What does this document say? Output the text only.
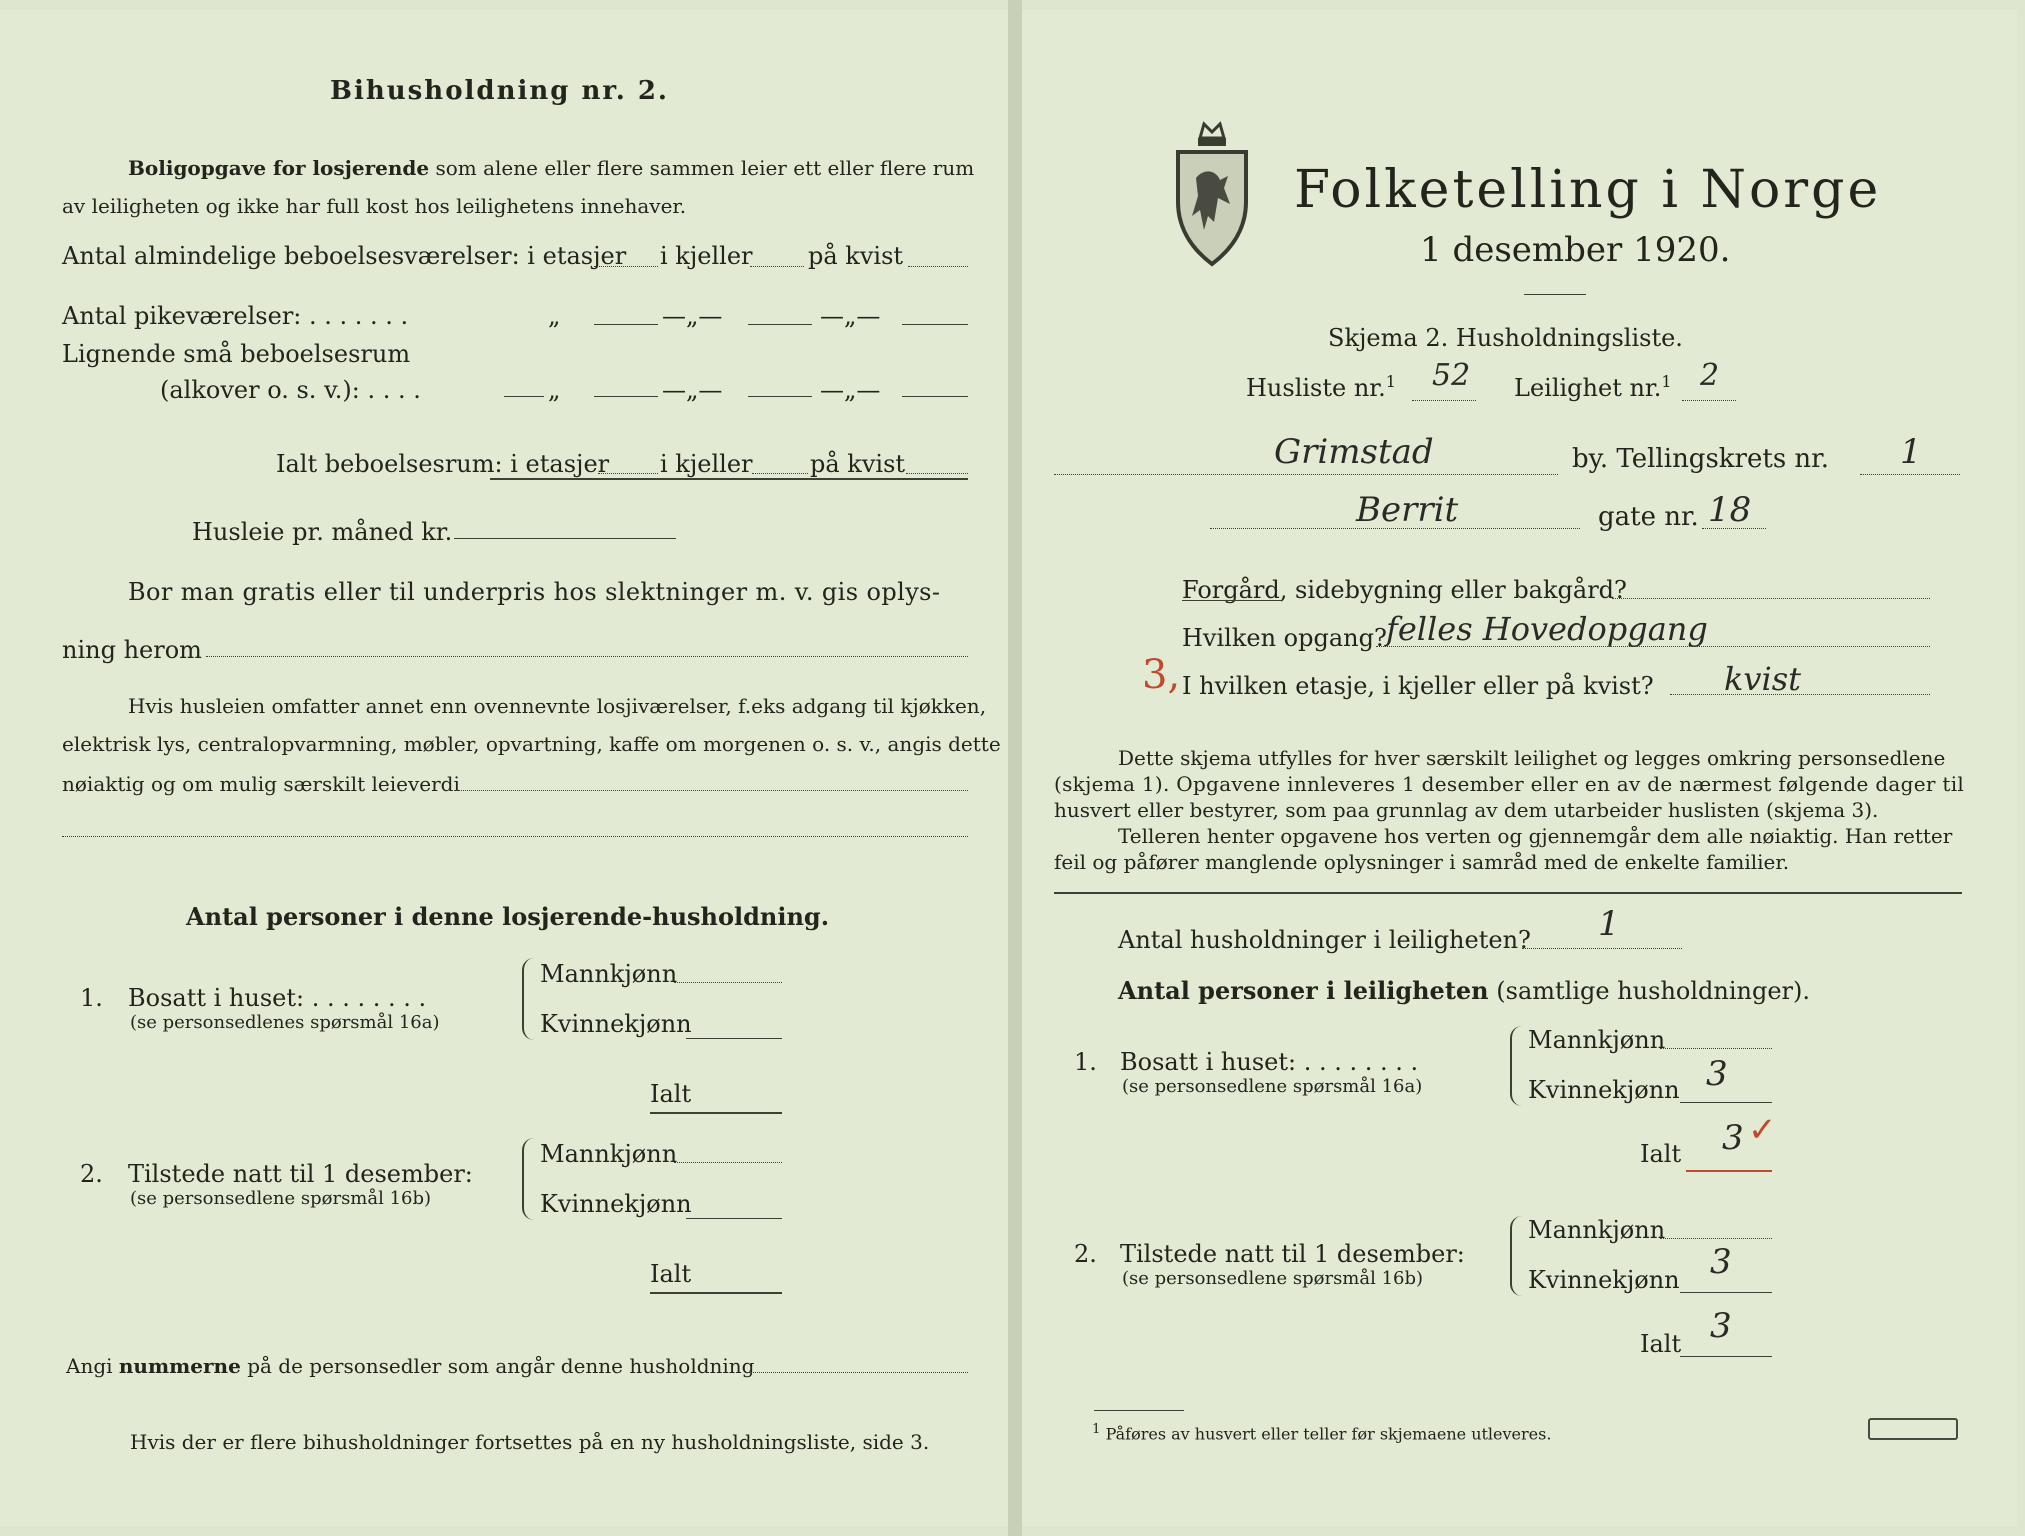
Bihusholdning nr. 2.
Boligopgave for losjerende som alene eller flere sammen leier ett eller flere rum
av leiligheten og ikke har full kost hos leilighetens innehaver.
Antal almindelige beboelsesværelser: i etasjer i kjeller på kvist
Antal pikeværelser: . . . . . . .	„	—„—	—„—
Lignende små beboelsesrum
(alkover o. s. v.): . . . .	„	—„—	—„—
Ialt beboelsesrum: i etasjer i kjeller på kvist
Husleie pr. måned kr.
Bor man gratis eller til underpris hos slektninger m. v. gis oplys-
ning herom
Hvis husleien omfatter annet enn ovennevnte losjiværelser, f.eks adgang til kjøkken,
elektrisk lys, centralopvarmning, møbler, opvartning, kaffe om morgenen o. s. v., angis dette
nøiaktig og om mulig særskilt leieverdi
Antal personer i denne losjerende-husholdning.
1. Bosatt i huset: . . . . . . . .
(se personsedlenes spørsmål 16a)
Mannkjønn
Kvinnekjønn
Ialt
2. Tilstede natt til 1 desember:
(se personsedlene spørsmål 16b)
Mannkjønn
Kvinnekjønn
Ialt
Angi nummerne på de personsedler som angår denne husholdning
Hvis der er flere bihusholdninger fortsettes på en ny husholdningsliste, side 3.
Folketelling i Norge
1 desember 1920.
Skjema 2. Husholdningsliste.
Husliste nr.$^1$ 52 Leilighet nr.$^1$ 2
Grimstad	by. Tellingskrets nr. 1
Berrit	gate nr. 18
Forgård, sidebygning eller bakgård?
Hvilken opgang? felles Hovedopgang
3, I hvilken etasje, i kjeller eller på kvist? kvist
Dette skjema utfylles for hver særskilt leilighet og legges omkring personsedlene
(skjema 1). Opgavene innleveres 1 desember eller en av de nærmest følgende dager til
husvert eller bestyrer, som paa grunnlag av dem utarbeider huslisten (skjema 3).
Telleren henter opgavene hos verten og gjennemgår dem alle nøiaktig. Han retter
feil og påfører manglende oplysninger i samråd med de enkelte familier.
Antal husholdninger i leiligheten? 1
Antal personer i leiligheten (samtlige husholdninger).
1. Bosatt i huset: . . . . . . . .
(se personsedlene spørsmål 16a)
Mannkjønn
Kvinnekjønn 3
Ialt 3 ✓
2. Tilstede natt til 1 desember:
(se personsedlene spørsmål 16b)
Mannkjønn
Kvinnekjønn 3
Ialt 3
$^1$ Påføres av husvert eller teller før skjemaene utleveres.
